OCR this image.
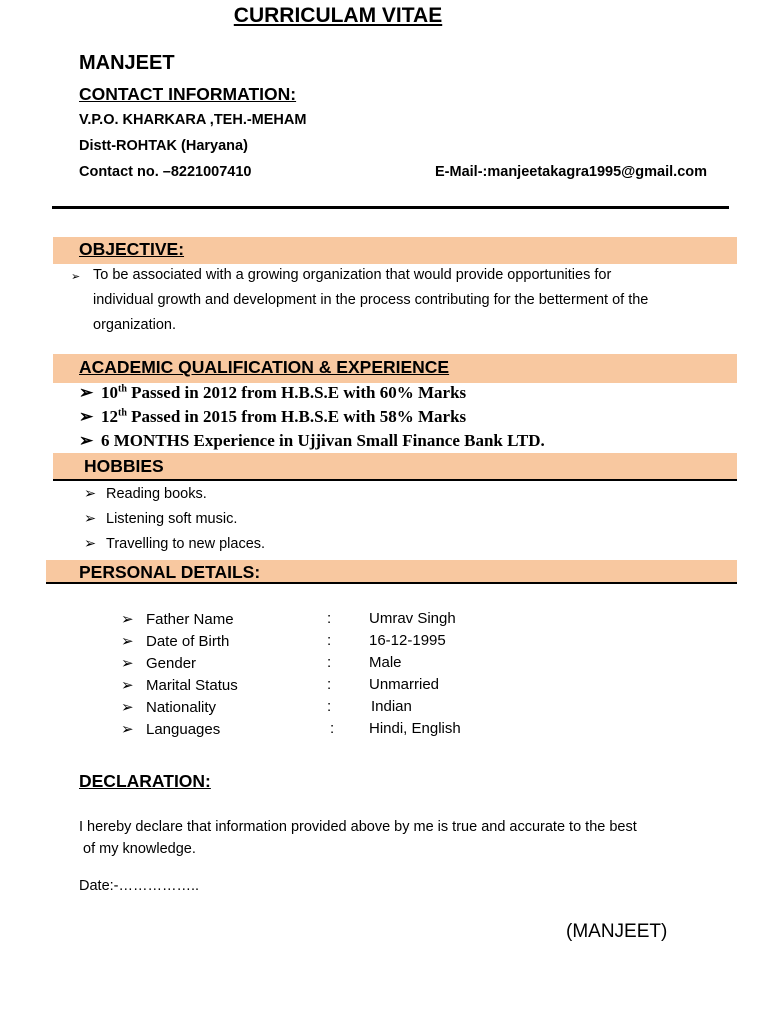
CURRICULAM VITAE
MANJEET
CONTACT INFORMATION:
V.P.O. KHARKARA ,TEH.-MEHAM
Distt-ROHTAK (Haryana)
Contact no. –8221007410	E-Mail-:manjeetakagra1995@gmail.com
OBJECTIVE:
➢ To be associated with a growing organization that would provide opportunities for
individual growth and development in the process contributing for the betterment of the
organization.
ACADEMIC QUALIFICATION & EXPERIENCE
➢ 10th Passed in 2012 from H.B.S.E with 60% Marks
➢ 12th Passed in 2015 from H.B.S.E with 58% Marks
➢ 6 MONTHS Experience in Ujjivan Small Finance Bank LTD.
HOBBIES
➢ Reading books.
➢ Listening soft music.
➢ Travelling to new places.
PERSONAL DETAILS:
➢ Father Name	:	Umrav Singh
➢ Date of Birth	:	16-12-1995
➢ Gender	:	Male
➢ Marital Status	:	Unmarried
➢ Nationality	:	Indian
➢ Languages	: Hindi, English
DECLARATION:
I hereby declare that information provided above by me is true and accurate to the best
of my knowledge.
Date:-……………..
(MANJEET)
